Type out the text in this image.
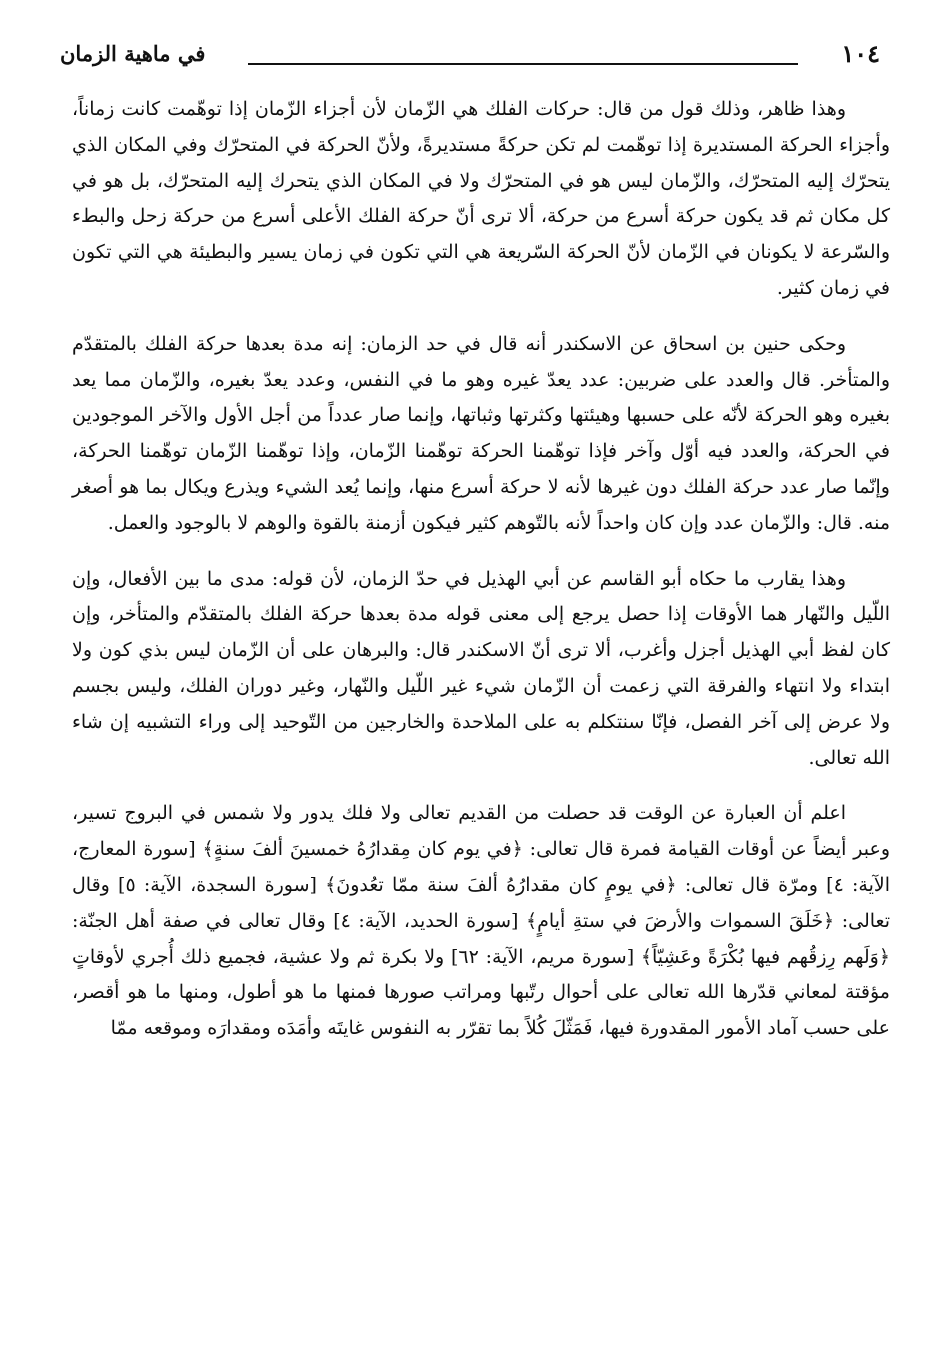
١٠٤
في ماهية الزمان

وهذا ظاهر، وذلك قول من قال: حركات الفلك هي الزّمان لأن أجزاء الزّمان إذا توهّمت كانت زماناً، وأجزاء الحركة المستديرة إذا توهّمت لم تكن حركةً مستديرةً، ولأنّ الحركة في المتحرّك وفي المكان الذي يتحرّك إليه المتحرّك، والزّمان ليس هو في المتحرّك ولا في المكان الذي يتحرك إليه المتحرّك، بل هو في كل مكان ثم قد يكون حركة أسرع من حركة، ألا ترى أنّ حركة الفلك الأعلى أسرع من حركة زحل والبطء والسّرعة لا يكونان في الزّمان لأنّ الحركة السّريعة هي التي تكون في زمان يسير والبطيئة هي التي تكون في زمان كثير.

وحكى حنين بن اسحاق عن الاسكندر أنه قال في حد الزمان: إنه مدة بعدها حركة الفلك بالمتقدّم والمتأخر. قال والعدد على ضربين: عدد يعدّ غيره وهو ما في النفس، وعدد يعدّ بغيره، والزّمان مما يعد بغيره وهو الحركة لأنّه على حسبها وهيئتها وكثرتها وثباتها، وإنما صار عدداً من أجل الأول والآخر الموجودين في الحركة، والعدد فيه أوّل وآخر فإذا توهّمنا الحركة توهّمنا الزّمان، وإذا توهّمنا الزّمان توهّمنا الحركة، وإنّما صار عدد حركة الفلك دون غيرها لأنه لا حركة أسرع منها، وإنما يُعد الشيء ويذرع ويكال بما هو أصغر منه. قال: والزّمان عدد وإن كان واحداً لأنه بالتّوهم كثير فيكون أزمنة بالقوة والوهم لا بالوجود والعمل.

وهذا يقارب ما حكاه أبو القاسم عن أبي الهذيل في حدّ الزمان، لأن قوله: مدى ما بين الأفعال، وإن اللّيل والنّهار هما الأوقات إذا حصل يرجع إلى معنى قوله مدة بعدها حركة الفلك بالمتقدّم والمتأخر، وإن كان لفظ أبي الهذيل أجزل وأغرب، ألا ترى أنّ الاسكندر قال: والبرهان على أن الزّمان ليس بذي كون ولا ابتداء ولا انتهاء والفرقة التي زعمت أن الزّمان شيء غير اللّيل والنّهار، وغير دوران الفلك، وليس بجسم ولا عرض إلى آخر الفصل، فإنّا سنتكلم به على الملاحدة والخارجين من التّوحيد إلى وراء التشبيه إن شاء الله تعالى.

اعلم أن العبارة عن الوقت قد حصلت من القديم تعالى ولا فلك يدور ولا شمس في البروج تسير، وعبر أيضاً عن أوقات القيامة فمرة قال تعالى: ﴿في يوم كان مِقدارُهُ خمسينَ ألفَ سنةٍ﴾ [سورة المعارج، الآية: ٤] ومرّة قال تعالى: ﴿في يومٍ كان مقدارُهُ ألفَ سنة ممّا تعُدونَ﴾ [سورة السجدة، الآية: ٥] وقال تعالى: ﴿خَلَقَ السموات والأرضَ في ستةِ أيامٍ﴾ [سورة الحديد، الآية: ٤] وقال تعالى في صفة أهل الجنّة: ﴿وَلَهم رِزقُهم فيها بُكْرَةً وعَشِيّاً﴾ [سورة مريم، الآية: ٦٢] ولا بكرة ثم ولا عشية، فجميع ذلك أُجري لأوقاتٍ مؤقتة لمعاني قدّرها الله تعالى على أحوال رتّبها ومراتب صورها فمنها ما هو أطول، ومنها ما هو أقصر، على حسب آماد الأمور المقدورة فيها، فَمَثّلَ كُلاً بما تقرّر به النفوس غايتَه وأمَدَه ومقدارَه وموقعه ممّا
